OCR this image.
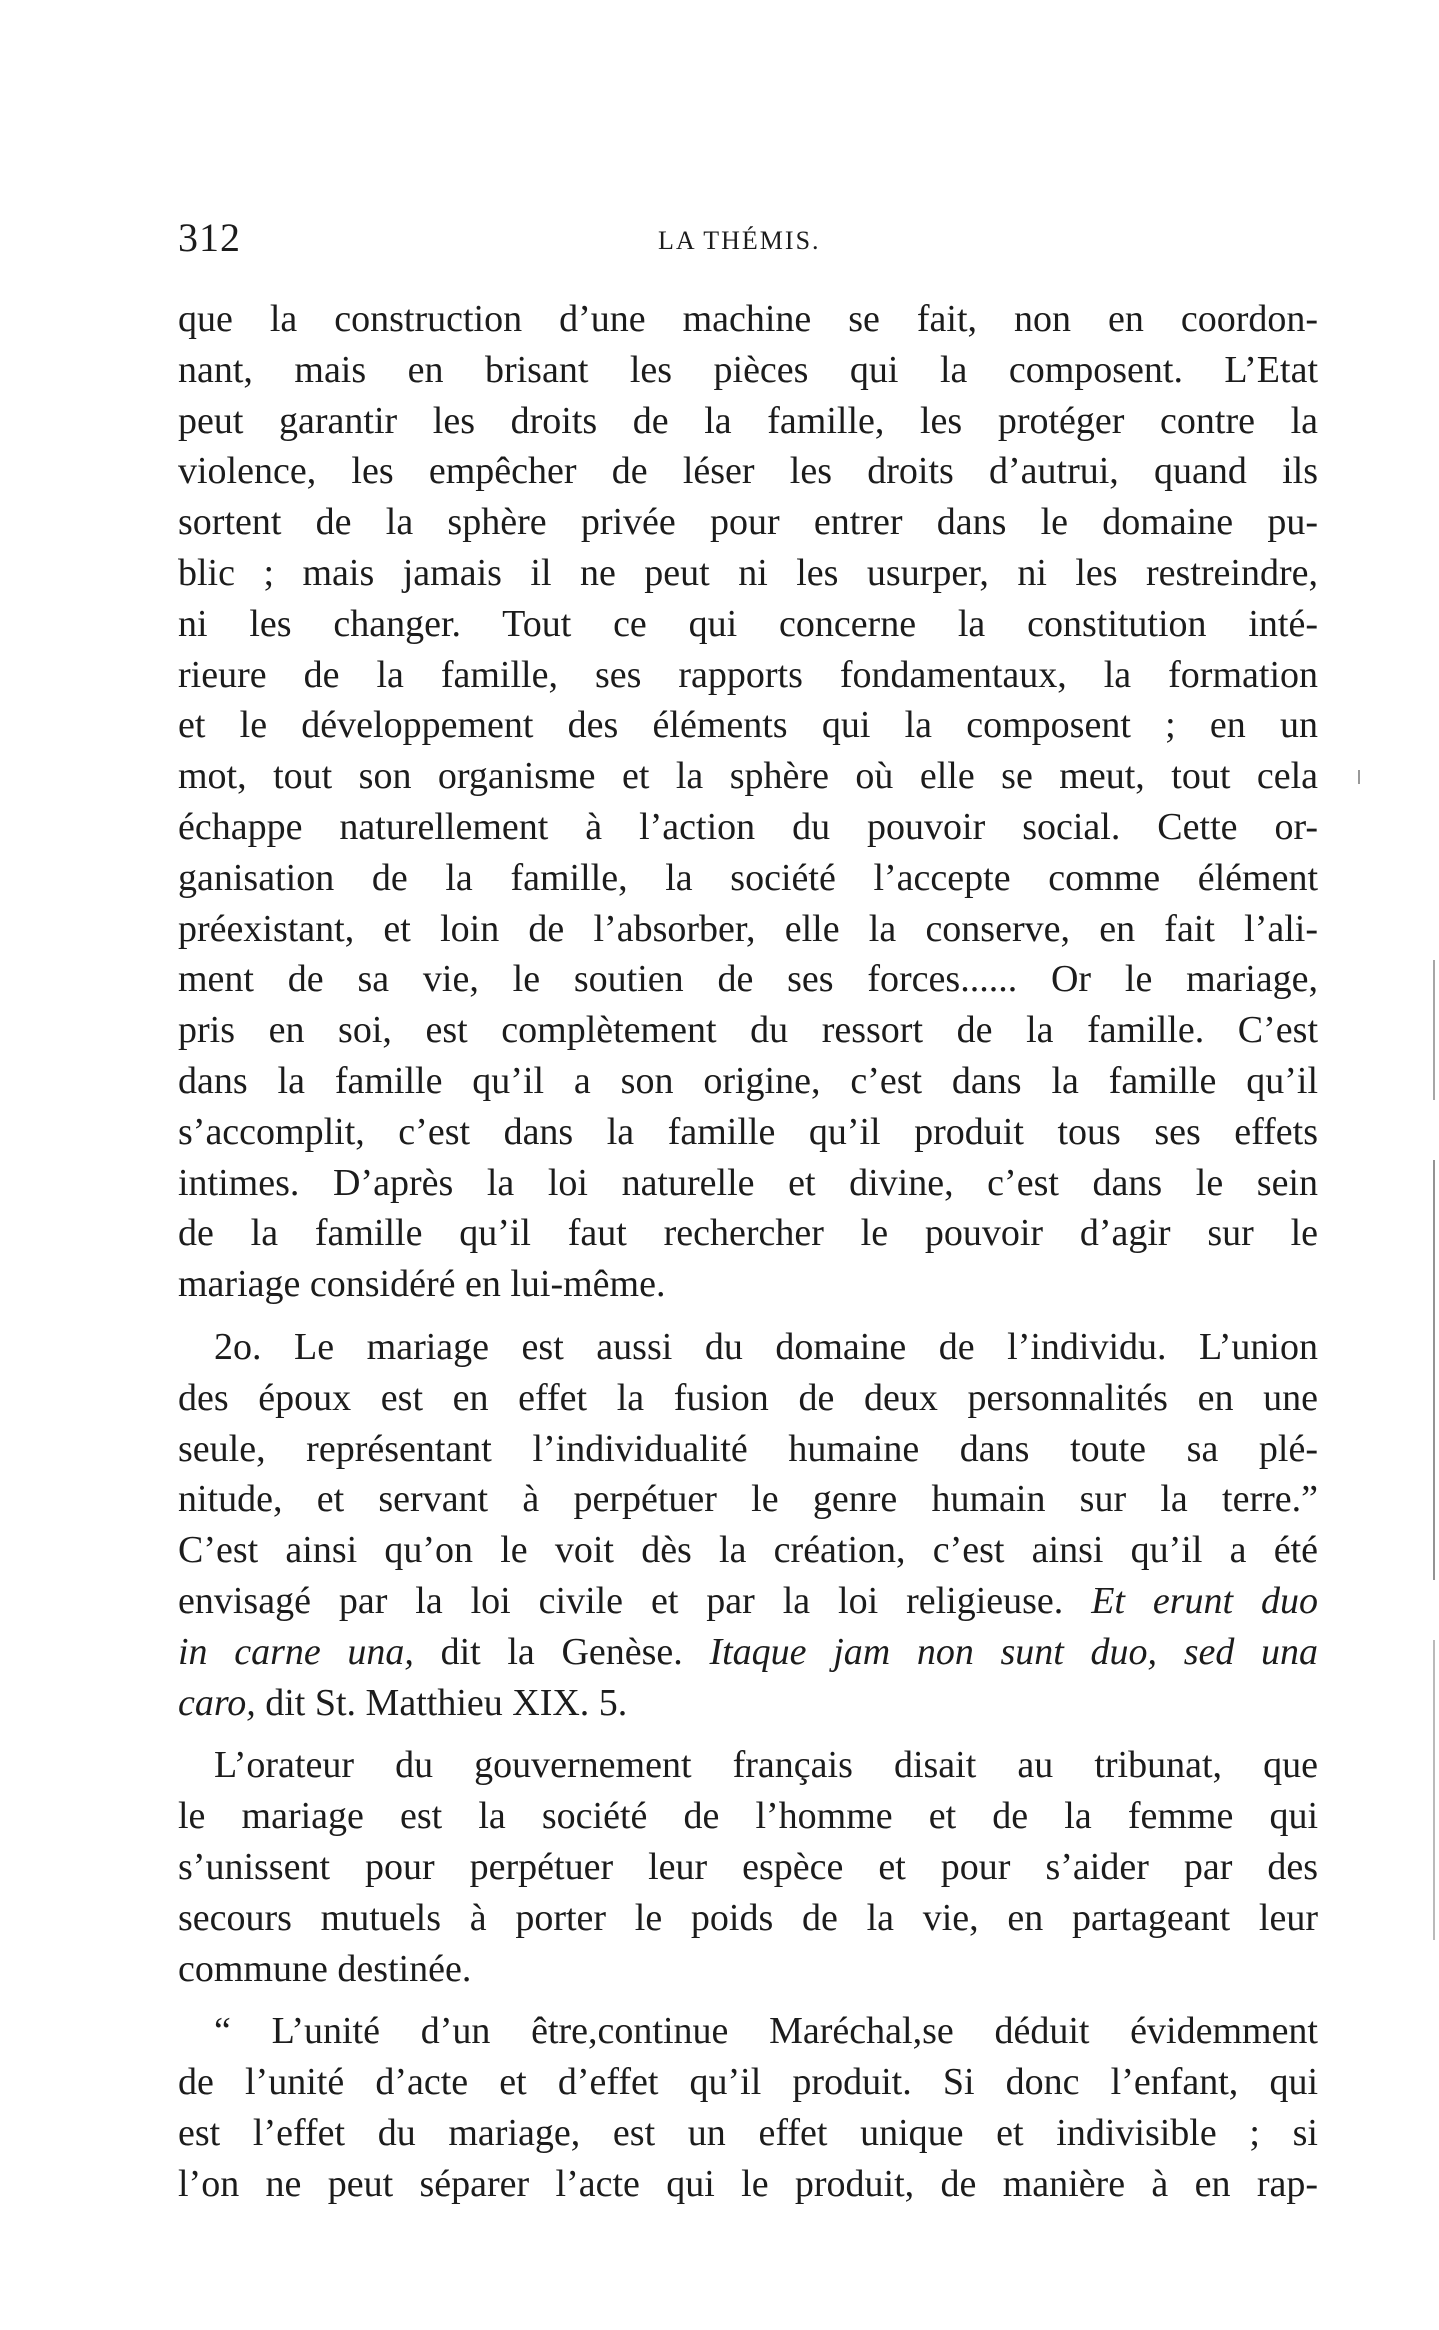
312	LA THÉMIS.
que la construction d’une machine se fait, non en coordon-
nant, mais en brisant les pièces qui la composent. L’Etat
peut garantir les droits de la famille, les protéger contre la
violence, les empêcher de léser les droits d’autrui, quand ils
sortent de la sphère privée pour entrer dans le domaine pu-
blic ; mais jamais il ne peut ni les usurper, ni les restreindre,
ni les changer. Tout ce qui concerne la constitution inté-
rieure de la famille, ses rapports fondamentaux, la formation
et le développement des éléments qui la composent ; en un
mot, tout son organisme et la sphère où elle se meut, tout cela
échappe naturellement à l’action du pouvoir social. Cette or-
ganisation de la famille, la société l’accepte comme élément
préexistant, et loin de l’absorber, elle la conserve, en fait l’ali-
ment de sa vie, le soutien de ses forces...... Or le mariage,
pris en soi, est complètement du ressort de la famille. C’est
dans la famille qu’il a son origine, c’est dans la famille qu’il
s’accomplit, c’est dans la famille qu’il produit tous ses effets
intimes. D’après la loi naturelle et divine, c’est dans le sein
de la famille qu’il faut rechercher le pouvoir d’agir sur le
mariage considéré en lui-même.
2o. Le mariage est aussi du domaine de l’individu. L’union
des époux est en effet la fusion de deux personnalités en une
seule, représentant l’individualité humaine dans toute sa plé-
nitude, et servant à perpétuer le genre humain sur la terre.”
C’est ainsi qu’on le voit dès la création, c’est ainsi qu’il a été
envisagé par la loi civile et par la loi religieuse. Et erunt duo
in carne una, dit la Genèse. Itaque jam non sunt duo, sed una
caro, dit St. Matthieu XIX. 5.
L’orateur du gouvernement français disait au tribunat, que
le mariage est la société de l’homme et de la femme qui
s’unissent pour perpétuer leur espèce et pour s’aider par des
secours mutuels à porter le poids de la vie, en partageant leur
commune destinée.
“ L’unité d’un être,continue Maréchal,se déduit évidemment
de l’unité d’acte et d’effet qu’il produit. Si donc l’enfant, qui
est l’effet du mariage, est un effet unique et indivisible ; si
l’on ne peut séparer l’acte qui le produit, de manière à en rap-
